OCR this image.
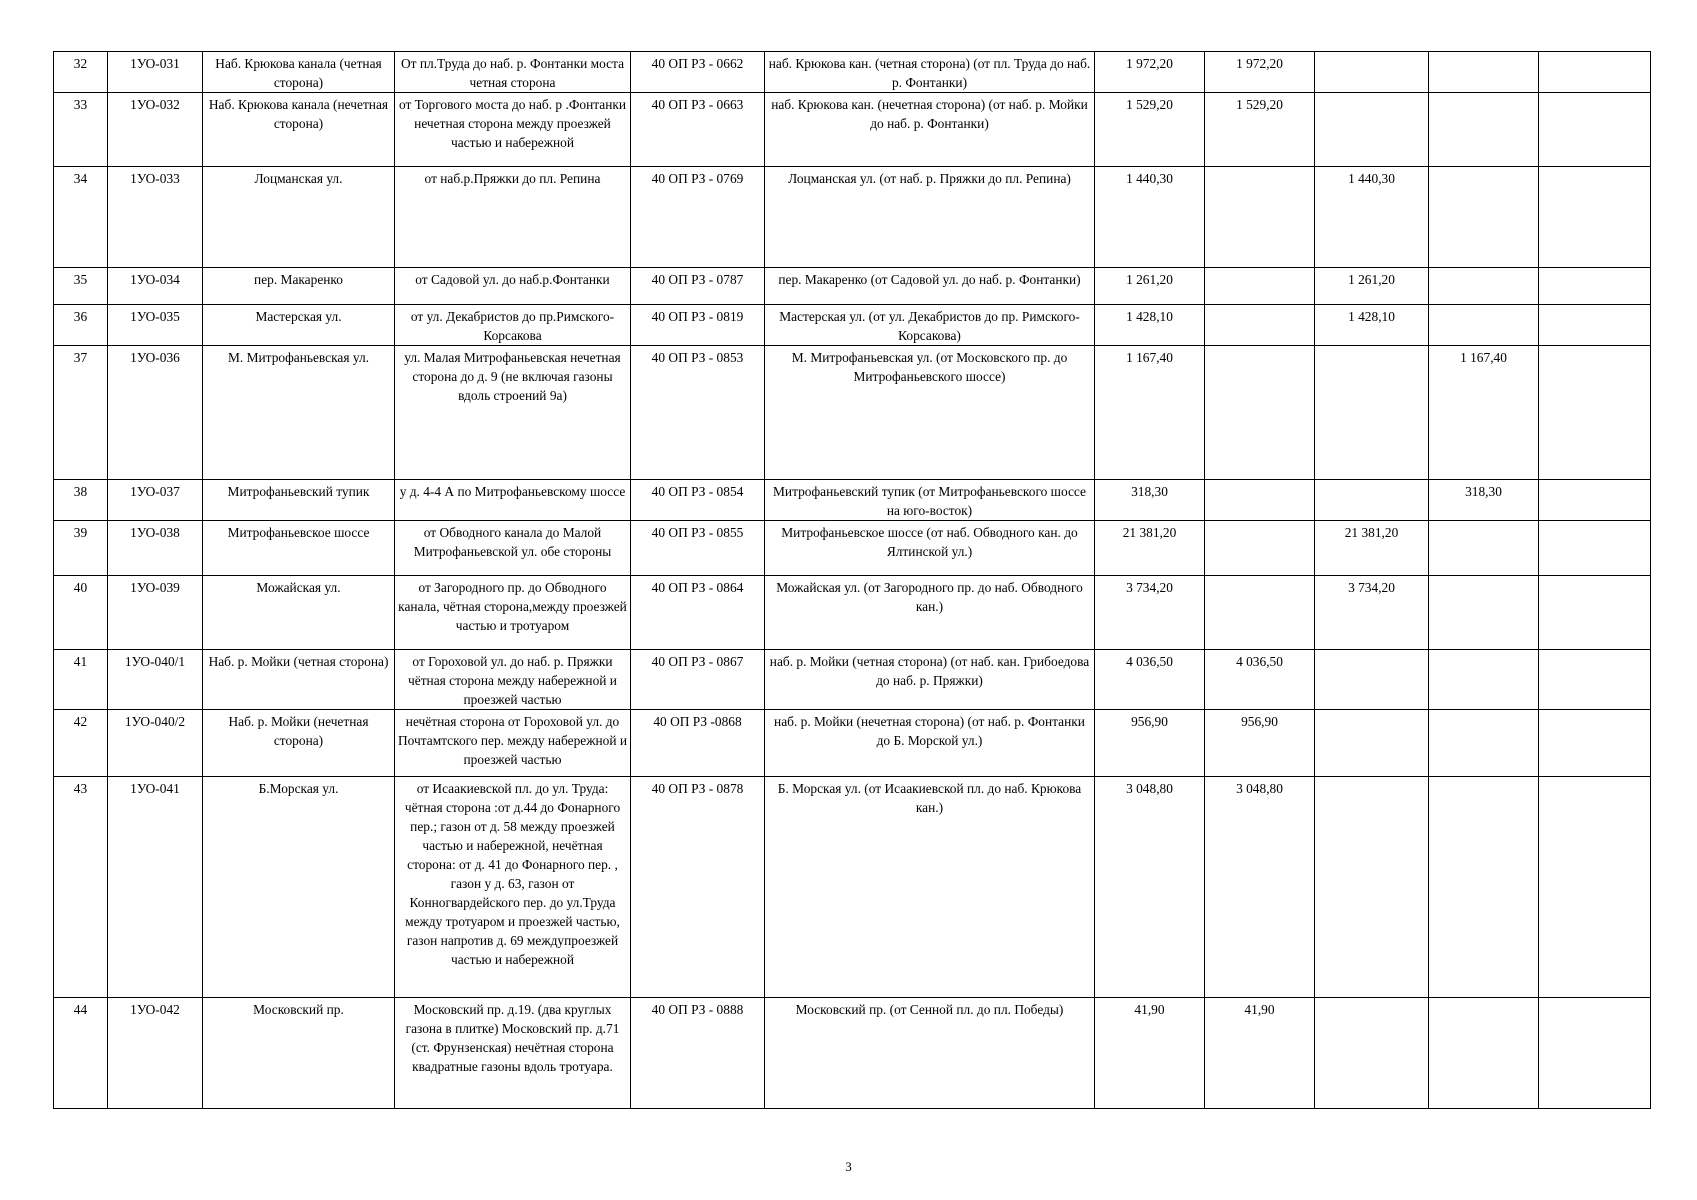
32	1УО-031	Наб. Крюкова канала (четная сторона)	От пл.Труда до наб. р. Фонтанки моста четная сторона	40 ОП РЗ - 0662	наб. Крюкова кан. (четная сторона) (от пл. Труда до наб. р. Фонтанки)	1 972,20	1 972,20			
33	1УО-032	Наб. Крюкова канала (нечетная сторона)	от Торгового моста до наб. р .Фонтанки нечетная сторона между проезжей частью и набережной	40 ОП РЗ - 0663	наб. Крюкова кан. (нечетная сторона) (от наб. р. Мойки до наб. р. Фонтанки)	1 529,20	1 529,20			
34	1УО-033	Лоцманская ул.	от наб.р.Пряжки до пл. Репина	40 ОП РЗ - 0769	Лоцманская ул. (от наб. р. Пряжки до пл. Репина)	1 440,30		1 440,30		
35	1УО-034	пер. Макаренко	от Садовой ул. до наб.р.Фонтанки	40 ОП РЗ - 0787	пер. Макаренко (от Садовой ул. до наб. р. Фонтанки)	1 261,20		1 261,20		
36	1УО-035	Мастерская ул.	от ул. Декабристов до пр.Римского-Корсакова	40 ОП РЗ - 0819	Мастерская ул. (от ул. Декабристов до пр. Римского-Корсакова)	1 428,10		1 428,10		
37	1УО-036	М. Митрофаньевская ул.	ул. Малая Митрофаньевская нечетная сторона до д. 9 (не включая газоны вдоль строений 9а)	40 ОП РЗ - 0853	М. Митрофаньевская ул. (от Московского пр. до Митрофаньевского шоссе)	1 167,40			1 167,40	
38	1УО-037	Митрофаньевский тупик	у д. 4-4 А по Митрофаньевскому шоссе	40 ОП РЗ - 0854	Митрофаньевский тупик (от Митрофаньевского шоссе на юго-восток)	318,30			318,30	
39	1УО-038	Митрофаньевское шоссе	от Обводного канала до Малой Митрофаньевской ул. обе стороны	40 ОП РЗ - 0855	Митрофаньевское шоссе (от наб. Обводного кан. до Ялтинской ул.)	21 381,20		21 381,20		
40	1УО-039	Можайская ул.	от Загородного пр. до Обводного канала, чётная сторона,между проезжей частью и тротуаром	40 ОП РЗ - 0864	Можайская ул. (от Загородного пр. до наб. Обводного кан.)	3 734,20		3 734,20		
41	1УО-040/1	Наб. р. Мойки (четная сторона)	от Гороховой ул. до наб. р. Пряжки чётная сторона между набережной и проезжей частью	40 ОП РЗ - 0867	наб. р. Мойки (четная сторона) (от наб. кан. Грибоедова до наб. р. Пряжки)	4 036,50	4 036,50			
42	1УО-040/2	Наб. р. Мойки (нечетная сторона)	нечётная сторона от Гороховой ул. до Почтамтского пер. между набережной и проезжей частью	40 ОП РЗ -0868	наб. р. Мойки (нечетная сторона) (от наб. р. Фонтанки до Б. Морской ул.)	956,90	956,90			
43	1УО-041	Б.Морская ул.	от Исаакиевской пл. до ул. Труда: чётная сторона :от д.44 до Фонарного пер.; газон от д. 58 между проезжей частью и набережной, нечётная сторона: от д. 41 до Фонарного пер. , газон у д. 63, газон от Конногвардейского пер. до ул.Труда между тротуаром и проезжей частью, газон напротив д. 69 междупроезжей частью и набережной	40 ОП РЗ - 0878	Б. Морская ул. (от Исаакиевской пл. до наб. Крюкова кан.)	3 048,80	3 048,80			
44	1УО-042	Московский пр.	Московский пр. д.19. (два круглых газона в плитке) Московский пр. д.71 (ст. Фрунзенская) нечётная сторона квадратные газоны вдоль тротуара.	40 ОП РЗ - 0888	Московский пр. (от Сенной пл. до пл. Победы)	41,90	41,90			
3
